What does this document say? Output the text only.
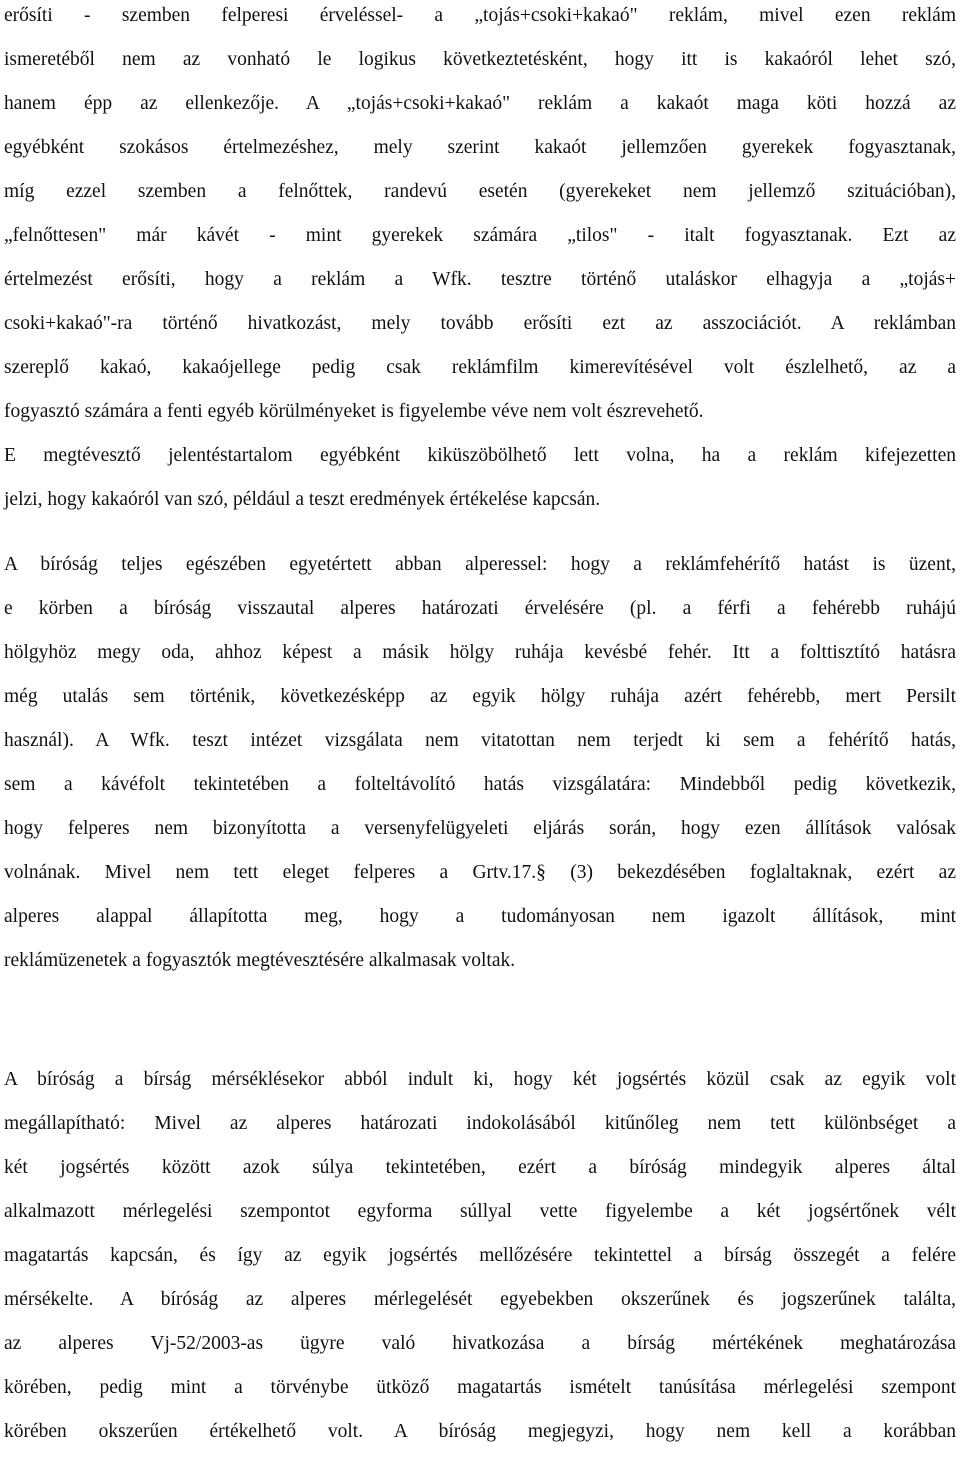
erősíti - szemben felperesi érveléssel- a „tojás+csoki+kakaó" reklám, mivel ezen reklám
ismeretéből nem az vonható le logikus következtetésként, hogy itt is kakaóról lehet szó,
hanem épp az ellenkezője. A „tojás+csoki+kakaó" reklám a kakaót maga köti hozzá az
egyébként szokásos értelmezéshez, mely szerint kakaót jellemzően gyerekek fogyasztanak,
míg ezzel szemben a felnőttek, randevú esetén (gyerekeket nem jellemző szituációban),
„felnőttesen" már kávét - mint gyerekek számára „tilos" - italt fogyasztanak. Ezt az
értelmezést erősíti, hogy a reklám a Wfk. tesztre történő utaláskor elhagyja a „tojás+
csoki+kakaó"-ra történő hivatkozást, mely tovább erősíti ezt az asszociációt. A reklámban
szereplő kakaó, kakaójellege pedig csak reklámfilm kimerevítésével volt észlelhető, az a
fogyasztó számára a fenti egyéb körülményeket is figyelembe véve nem volt észrevehető.
E megtévesztő jelentéstartalom egyébként kiküszöbölhető lett volna, ha a reklám kifejezetten
jelzi, hogy kakaóról van szó, például a teszt eredmények értékelése kapcsán.
A bíróság teljes egészében egyetértett abban alperessel: hogy a reklámfehérítő hatást is üzent,
e körben a bíróság visszautal alperes határozati érvelésére (pl. a férfi a fehérebb ruhájú
hölgyhöz megy oda, ahhoz képest a másik hölgy ruhája kevésbé fehér. Itt a folttisztító hatásra
még utalás sem történik, következésképp az egyik hölgy ruhája azért fehérebb, mert Persilt
használ). A Wfk. teszt intézet vizsgálata nem vitatottan nem terjedt ki sem a fehérítő hatás,
sem a kávéfolt tekintetében a folteltávolító hatás vizsgálatára: Mindebből pedig következik,
hogy felperes nem bizonyította a versenyfelügyeleti eljárás során, hogy ezen állítások valósak
volnának. Mivel nem tett eleget felperes a Grtv.17.§ (3) bekezdésében foglaltaknak, ezért az
alperes alappal állapította meg, hogy a tudományosan nem igazolt állítások, mint
reklámüzenetek a fogyasztók megtévesztésére alkalmasak voltak.
A bíróság a bírság mérséklésekor abból indult ki, hogy két jogsértés közül csak az egyik volt
megállapítható: Mivel az alperes határozati indokolásából kitűnőleg nem tett különbséget a
két jogsértés között azok súlya tekintetében, ezért a bíróság mindegyik alperes által
alkalmazott mérlegelési szempontot egyforma súllyal vette figyelembe a két jogsértőnek vélt
magatartás kapcsán, és így az egyik jogsértés mellőzésére tekintettel a bírság összegét a felére
mérsékelte. A bíróság az alperes mérlegelését egyebekben okszerűnek és jogszerűnek találta,
az alperes Vj-52/2003-as ügyre való hivatkozása a bírság mértékének meghatározása
körében, pedig mint a törvénybe ütköző magatartás ismételt tanúsítása mérlegelési szempont
körében okszerűen értékelhető volt. A bíróság megjegyzi, hogy nem kell a korábban
